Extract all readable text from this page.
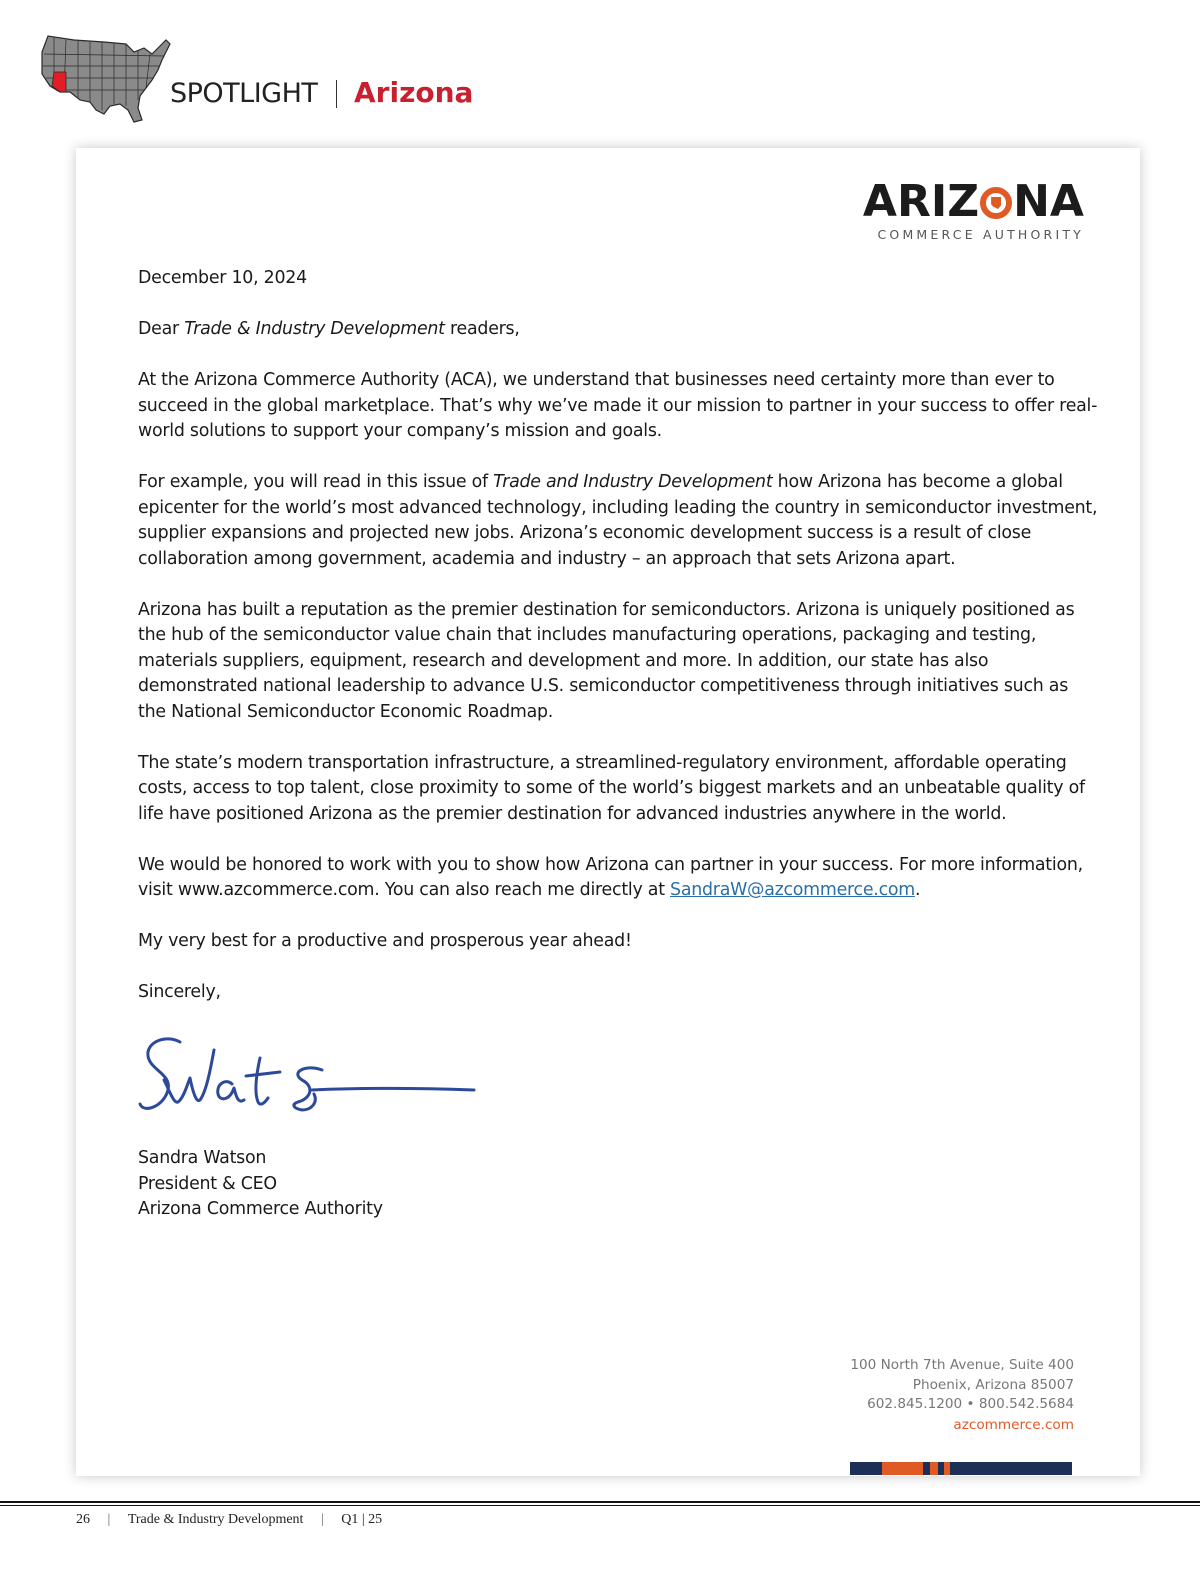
SPOTLIGHT Arizona
ARIZ NA
COMMERCE AUTHORITY

December 10, 2024

Dear Trade & Industry Development readers,

At the Arizona Commerce Authority (ACA), we understand that businesses need certainty more than ever to succeed in the global marketplace. That’s why we’ve made it our mission to partner in your success to offer real-world solutions to support your company’s mission and goals.

For example, you will read in this issue of Trade and Industry Development how Arizona has become a global epicenter for the world’s most advanced technology, including leading the country in semiconductor investment, supplier expansions and projected new jobs. Arizona’s economic development success is a result of close collaboration among government, academia and industry – an approach that sets Arizona apart.

Arizona has built a reputation as the premier destination for semiconductors. Arizona is uniquely positioned as the hub of the semiconductor value chain that includes manufacturing operations, packaging and testing, materials suppliers, equipment, research and development and more. In addition, our state has also demonstrated national leadership to advance U.S. semiconductor competitiveness through initiatives such as the National Semiconductor Economic Roadmap.

The state’s modern transportation infrastructure, a streamlined-regulatory environment, affordable operating costs, access to top talent, close proximity to some of the world’s biggest markets and an unbeatable quality of life have positioned Arizona as the premier destination for advanced industries anywhere in the world.

We would be honored to work with you to show how Arizona can partner in your success. For more information, visit www.azcommerce.com. You can also reach me directly at SandraW@azcommerce.com.

My very best for a productive and prosperous year ahead!

Sincerely,

Sandra Watson
President & CEO
Arizona Commerce Authority
100 North 7th Avenue, Suite 400
Phoenix, Arizona 85007
602.845.1200 • 800.542.5684
azcommerce.com
26 | Trade & Industry Development | Q1 | 25
